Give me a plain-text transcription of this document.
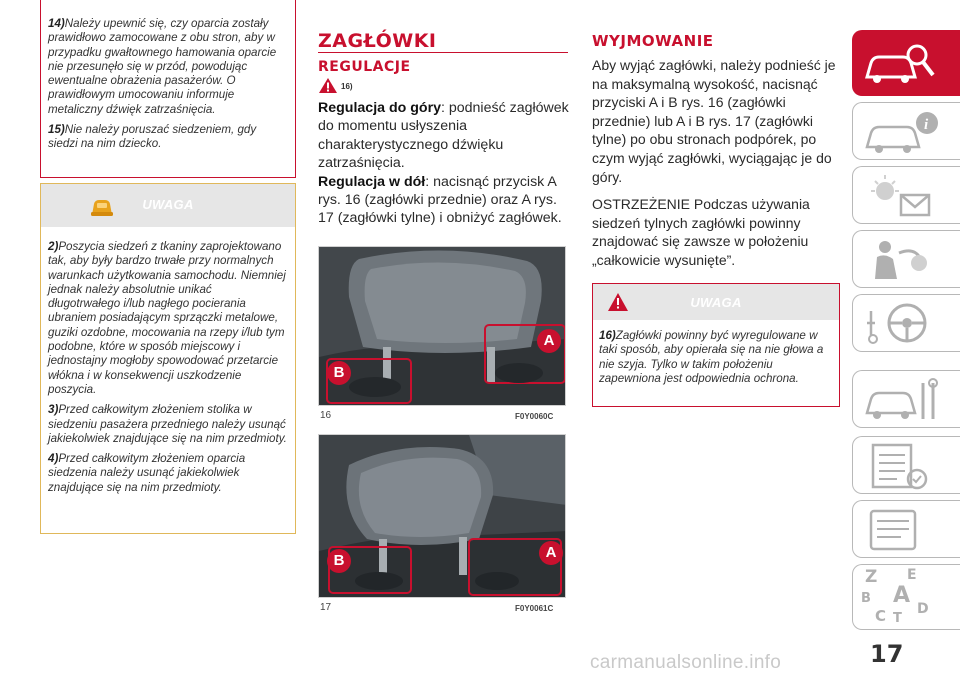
14)Należy upewnić się, czy oparcia zostały prawidłowo zamocowane z obu stron, aby w przypadku gwałtownego hamowania oparcie nie przesunęło się w przód, powodując ewentualne obrażenia pasażerów. O prawidłowym umocowaniu informuje metaliczny dźwięk zatrzaśnięcia.

15)Nie należy poruszać siedzeniem, gdy siedzi na nim dziecko.

UWAGA

2)Poszycia siedzeń z tkaniny zaprojektowano tak, aby były bardzo trwałe przy normalnych warunkach użytkowania samochodu. Niemniej jednak należy absolutnie unikać długotrwałego i/lub nagłego pocierania ubraniem posiadającym sprzączki metalowe, guziki ozdobne, mocowania na rzepy i/lub tym podobne, które w sposób miejscowy i jednostajny mogłoby spowodować przetarcie włókna i w konsekwencji uszkodzenie poszycia.

3)Przed całkowitym złożeniem stolika w siedzeniu pasażera przedniego należy usunąć jakiekolwiek znajdujące się na nim przedmioty.

4)Przed całkowitym złożeniem oparcia siedzenia należy usunąć jakiekolwiek znajdujące się na nim przedmioty.

ZAGŁÓWKI
REGULACJE
16)
Regulacja do góry: podnieść zagłówek do momentu usłyszenia charakterystycznego dźwięku zatrzaśnięcia.
Regulacja w dół: nacisnąć przycisk A rys. 16 (zagłówki przednie) oraz A rys. 17 (zagłówki tylne) i obniżyć zagłówek.
B
A
16	F0Y0060C
B	A
17	F0Y0061C
WYJMOWANIE
Aby wyjąć zagłówki, należy podnieść je na maksymalną wysokość, nacisnąć przyciski A i B rys. 16 (zagłówki przednie) lub A i B rys. 17 (zagłówki tylne) po obu stronach podpórek, po czym wyjąć zagłówki, wyciągając je do góry.
OSTRZEŻENIE Podczas używania siedzeń tylnych zagłówki powinny znajdować się zawsze w położeniu „całkowicie wysunięte”.
UWAGA

16)Zagłówki powinny być wyregulowane w taki sposób, aby opierała się na nie głowa a nie szyja. Tylko w takim położeniu zapewniona jest odpowiednia ochrona.

i
Z E
B A
C T
D
17
carmanualsonline.info
